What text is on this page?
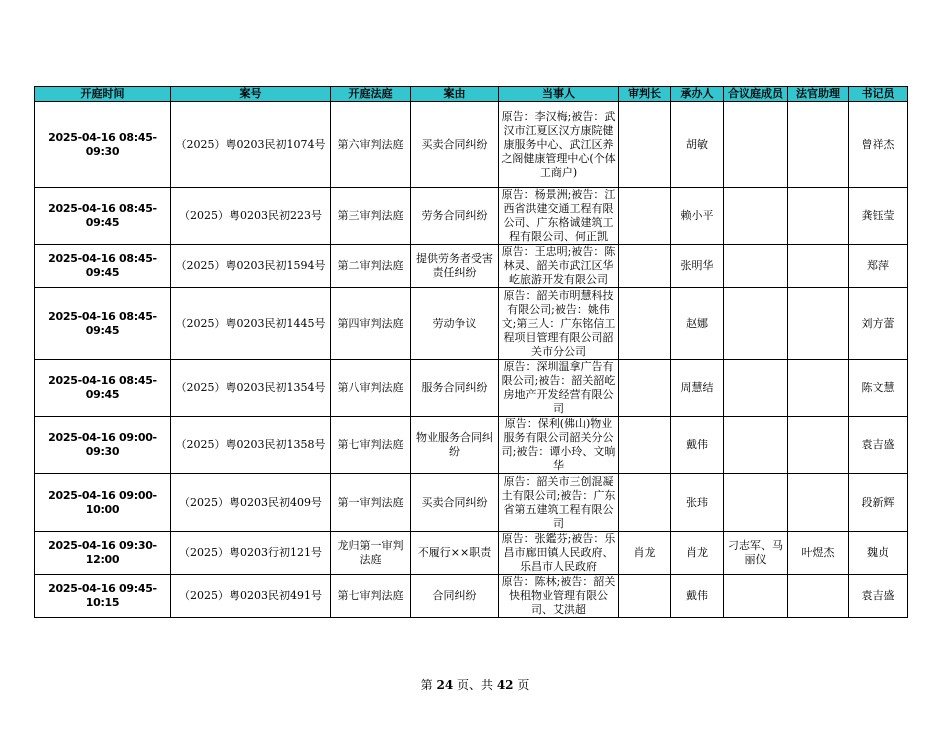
开庭时间	案号	开庭法庭	案由	当事人	审判长	承办人	合议庭成员	法官助理	书记员
2025-04-16 08:45-09:30	（2025）粤0203民初1074号	第六审判法庭	买卖合同纠纷	原告：李汉梅;被告：武汉市江夏区汉方康院健康服务中心、武江区养之阁健康管理中心(个体工商户)		胡敏			曾祥杰
2025-04-16 08:45-09:45	（2025）粤0203民初223号	第三审判法庭	劳务合同纠纷	原告：杨景洲;被告：江西省洪建交通工程有限公司、广东格诚建筑工程有限公司、何正凯		赖小平			龚钰莹
2025-04-16 08:45-09:45	（2025）粤0203民初1594号	第二审判法庭	提供劳务者受害责任纠纷	原告：王忠明;被告：陈林灵、韶关市武江区华屹旅游开发有限公司		张明华			郑萍
2025-04-16 08:45-09:45	（2025）粤0203民初1445号	第四审判法庭	劳动争议	原告：韶关市明慧科技有限公司;被告：姚伟文;第三人：广东铭信工程项目管理有限公司韶关市分公司		赵娜			刘方蕾
2025-04-16 08:45-09:45	（2025）粤0203民初1354号	第八审判法庭	服务合同纠纷	原告：深圳温拿广告有限公司;被告：韶关韶屹房地产开发经营有限公司		周慧结			陈文慧
2025-04-16 09:00-09:30	（2025）粤0203民初1358号	第七审判法庭	物业服务合同纠纷	原告：保利(佛山)物业服务有限公司韶关分公司;被告：谭小玲、文晌华		戴伟			袁吉盛
2025-04-16 09:00-10:00	（2025）粤0203民初409号	第一审判法庭	买卖合同纠纷	原告：韶关市三创混凝土有限公司;被告：广东省第五建筑工程有限公司		张玮			段新辉
2025-04-16 09:30-12:00	（2025）粤0203行初121号	龙归第一审判法庭	不履行××职责	原告：张鑑芬;被告：乐昌市廊田镇人民政府、乐昌市人民政府	肖龙	肖龙	刁志军、马丽仪	叶煜杰	魏贞
2025-04-16 09:45-10:15	（2025）粤0203民初491号	第七审判法庭	合同纠纷	原告：陈林;被告：韶关快租物业管理有限公司、艾洪超		戴伟			袁吉盛
第 24 页、共 42 页
